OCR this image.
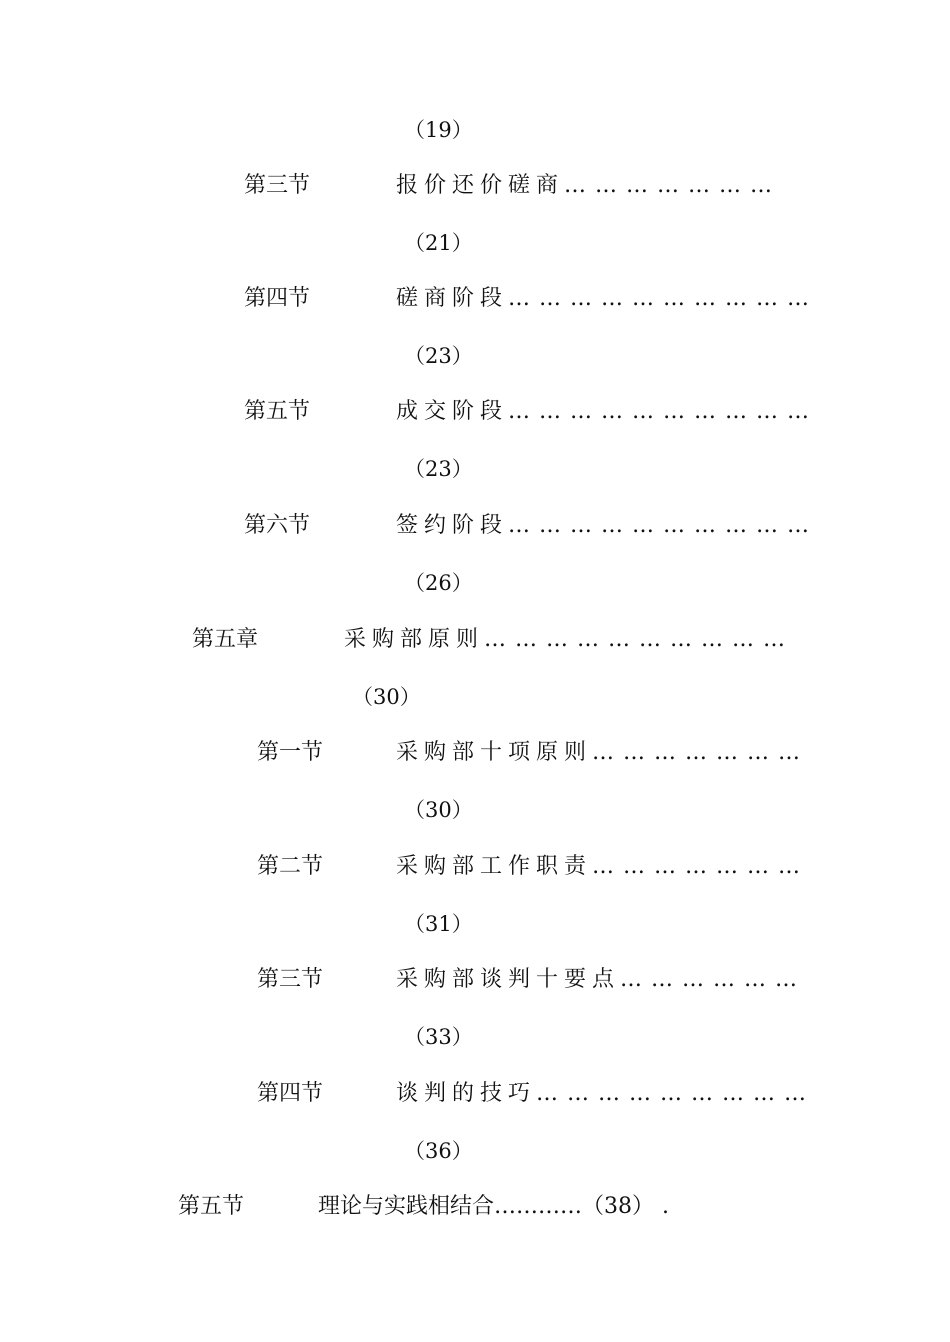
（19）
第三节	报价还价磋商… … … … … … …
（21）
第四节	磋商阶段… … … … … … … … … …
（23）
第五节	成交阶段… … … … … … … … … …
（23）
第六节	签约阶段… … … … … … … … … …
（26）
第五章	采购部原则… … … … … … … … … …
（30）
第一节	采购部十项原则… … … … … … …
（30）
第二节	采购部工作职责… … … … … … …
（31）
第三节	采购部谈判十要点… … … … … …
（33）
第四节	谈判的技巧… … … … … … … … …
（36）
第五节	理论与实践相结合…………（38） .
